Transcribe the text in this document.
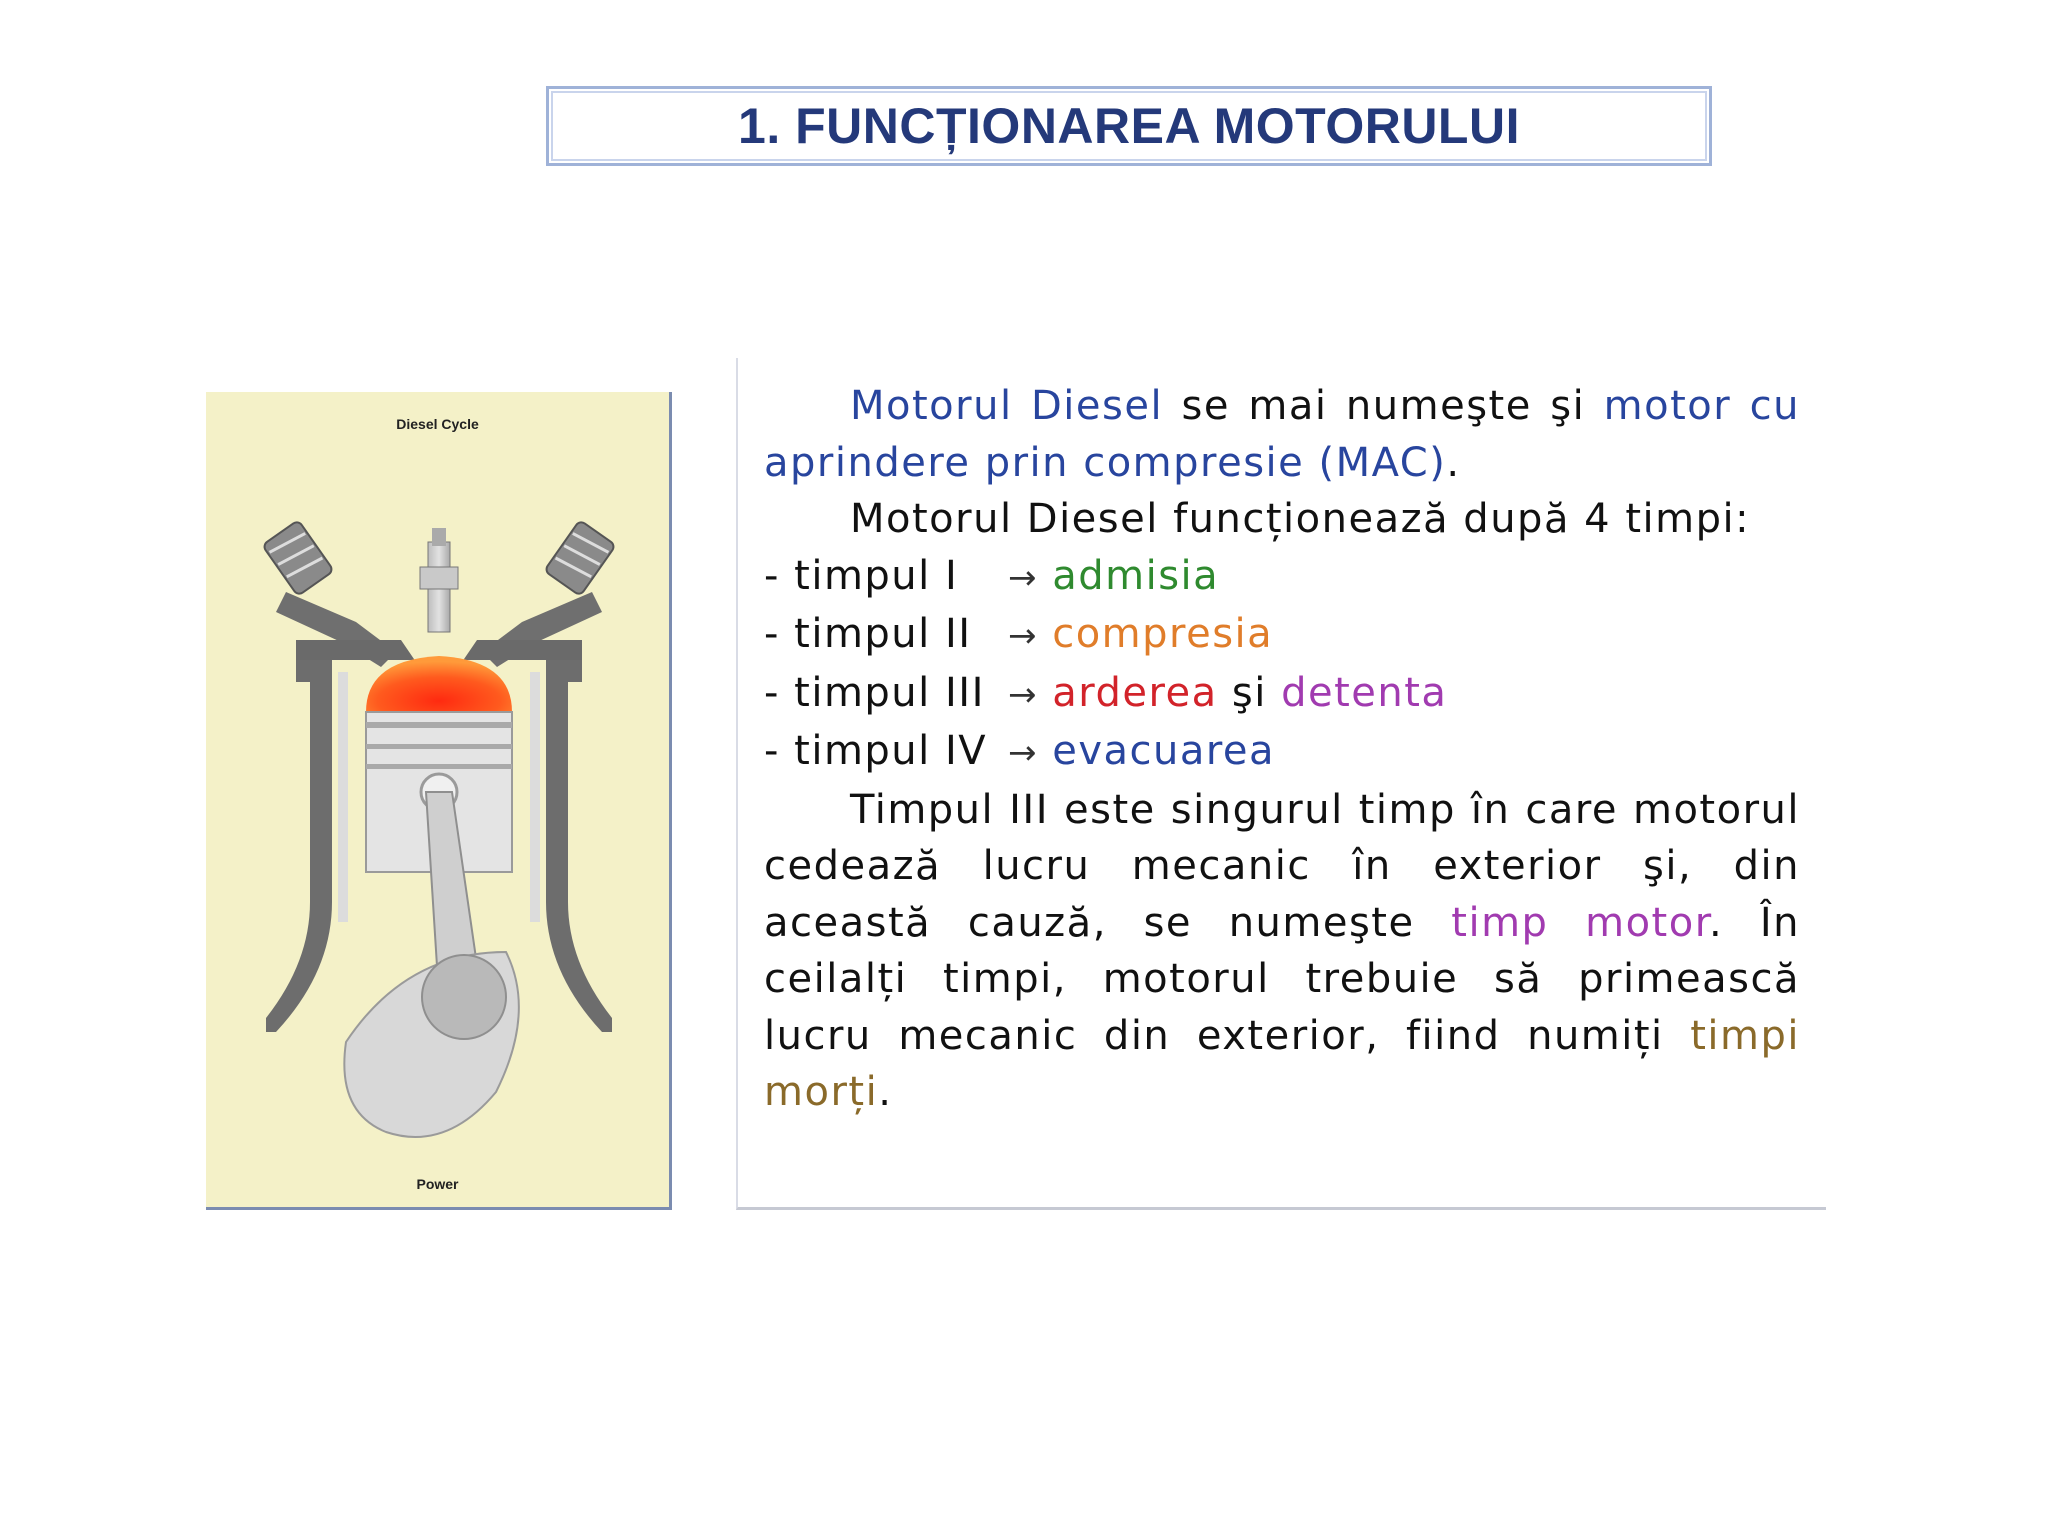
1. FUNCȚIONAREA MOTORULUI
Diesel Cycle
Power

Motorul Diesel se mai numeşte şi motor cu aprindere prin compresie (MAC).

Motorul Diesel funcționează după 4 timpi:

- timpul I → admisia

- timpul II → compresia

- timpul III → arderea şi detenta

- timpul IV → evacuarea

Timpul III este singurul timp în care motorul cedează lucru mecanic în exterior şi, din această cauză, se numeşte timp motor. În ceilalți timpi, motorul trebuie să primească lucru mecanic din exterior, fiind numiți timpi morți.
